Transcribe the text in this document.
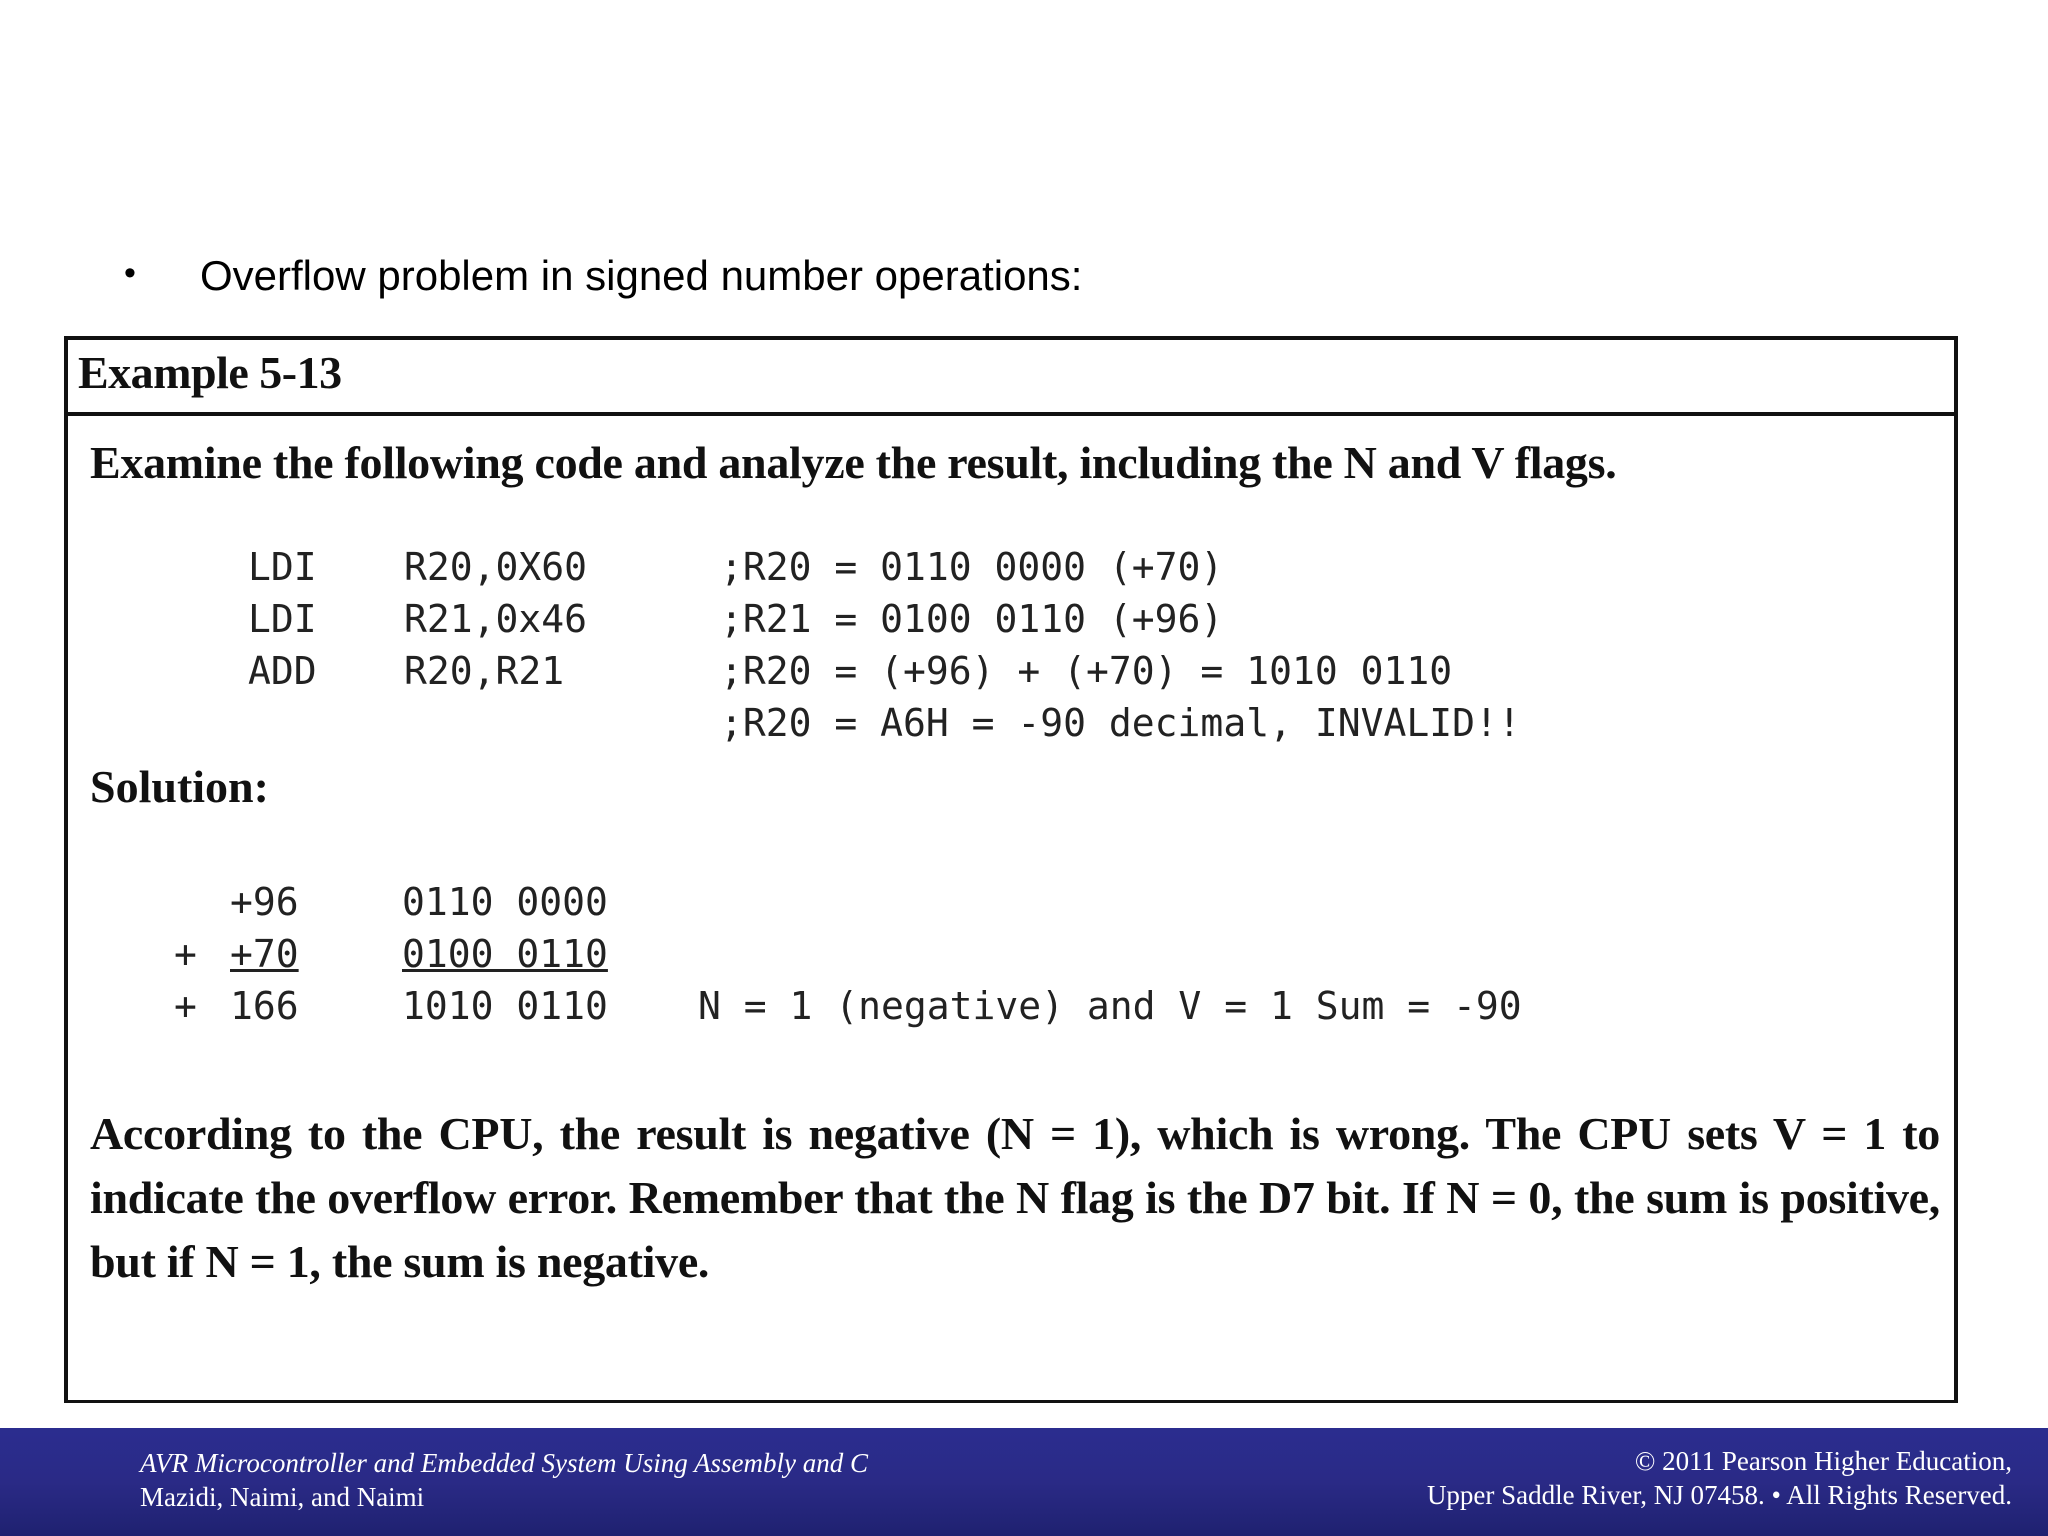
• Overflow problem in signed number operations:
Example 5-13
Examine the following code and analyze the result, including the N and V flags.
LDI R20,0X60	;R20 = 0110 0000 (+70)
LDI R21,0x46	;R21 = 0100 0110 (+96)
ADD R20,R21	;R20 = (+96) + (+70) = 1010 0110
;R20 = A6H = -90 decimal, INVALID!!
Solution:
+96	0110 0000
+ +70	0100 0110
+ 166	1010 0110 N = 1 (negative) and V = 1 Sum = -90
According to the CPU, the result is negative (N = 1), which is wrong. The CPU sets V = 1 to indicate the overflow error. Remember that the N flag is the D7 bit. If N = 0, the sum is positive, but if N = 1, the sum is negative.
AVR Microcontroller and Embedded System Using Assembly and C
Mazidi, Naimi, and Naimi
© 2011 Pearson Higher Education,
Upper Saddle River, NJ 07458. • All Rights Reserved.
